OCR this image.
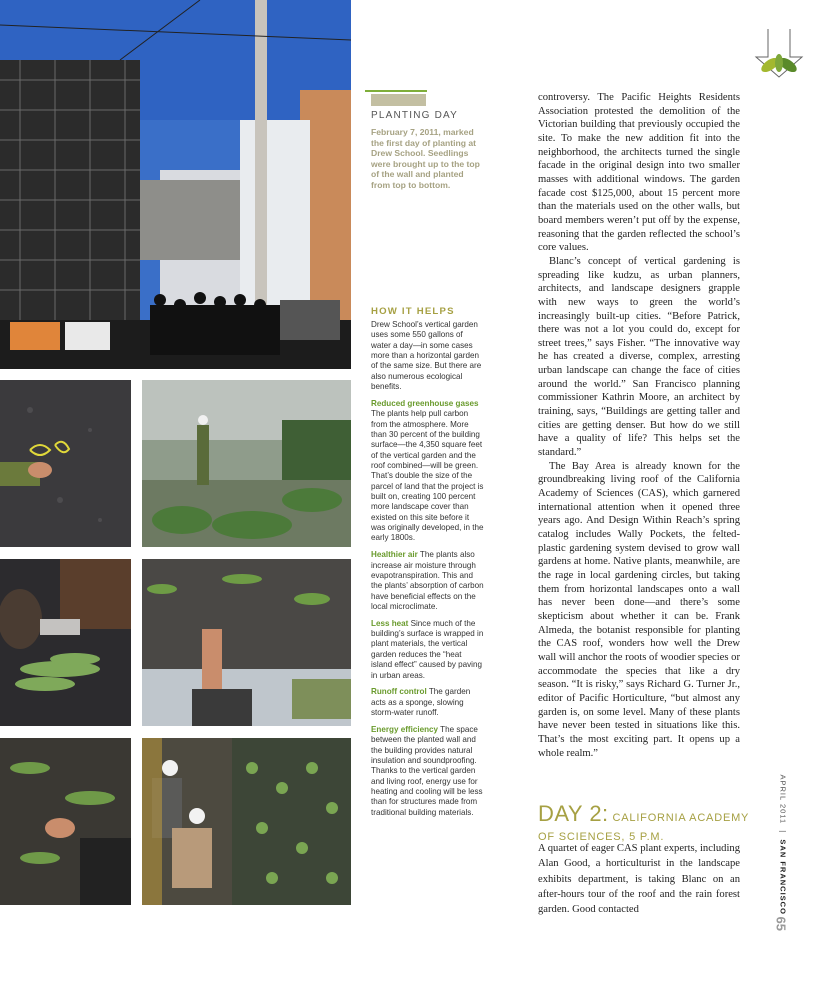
PLANTING DAY
February 7, 2011, marked the first day of planting at Drew School. Seedlings were brought up to the top of the wall and planted from top to bottom.
HOW IT HELPS

Drew School’s vertical garden uses some 550 gallons of water a day—in some cases more than a horizontal garden of the same size. But there are also numerous ecological benefits.

Reduced greenhouse gases The plants help pull carbon from the atmosphere. More than 30 percent of the building surface—the 4,350 square feet of the vertical garden and the roof combined—will be green. That’s double the size of the parcel of land that the project is built on, creating 100 percent more landscape cover than existed on this site before it was originally developed, in the early 1800s.

Healthier air The plants also increase air moisture through evapotranspiration. This and the plants’ absorption of carbon have beneficial effects on the local microclimate.

Less heat Since much of the building’s surface is wrapped in plant materials, the vertical garden reduces the “heat island effect” caused by paving in urban areas.

Runoff control The garden acts as a sponge, slowing storm-water runoff.

Energy efficiency The space between the planted wall and the building provides natural insulation and soundproofing. Thanks to the vertical garden and living roof, energy use for heating and cooling will be less than for structures made from traditional building materials.

controversy. The Pacific Heights Residents Association protested the demolition of the Victorian building that previously occupied the site. To make the new addition fit into the neighborhood, the architects turned the single facade in the original design into two smaller masses with additional windows. The garden facade cost $125,000, about 15 percent more than the materials used on the other walls, but board members weren’t put off by the expense, reasoning that the garden reflected the school’s core values.

Blanc’s concept of vertical gardening is spreading like kudzu, as urban planners, architects, and landscape designers grapple with new ways to green the world’s increasingly built-up cities. “Before Patrick, there was not a lot you could do, except for street trees,” says Fisher. “The innovative way he has created a diverse, complex, arresting urban landscape can change the face of cities around the world.” San Francisco planning commissioner Kathrin Moore, an architect by training, says, “Buildings are getting taller and cities are getting denser. But how do we still have a quality of life? This helps set the standard.”

The Bay Area is already known for the groundbreaking living roof of the California Academy of Sciences (CAS), which garnered international attention when it opened three years ago. And Design Within Reach’s spring catalog includes Wally Pockets, the felted-plastic gardening system devised to grow wall gardens at home. Native plants, meanwhile, are the rage in local gardening circles, but taking them from horizontal landscapes onto a wall has never been done—and there’s some skepticism about whether it can be. Frank Almeda, the botanist responsible for planting the CAS roof, wonders how well the Drew wall will anchor the roots of woodier species or accommodate the species that like a dry season. “It is risky,” says Richard G. Turner Jr., editor of Pacific Horticulture, “but almost any garden is, on some level. Many of these plants have never been tested in situations like this. That’s the most exciting part. It opens up a whole realm.”

DAY 2: CALIFORNIA ACADEMY
OF SCIENCES, 5 P.M.
A quartet of eager CAS plant experts, including Alan Good, a horticulturist in the landscape exhibits department, is taking Blanc on an after-hours tour of the roof and the rain forest garden. Good contacted
APRIL 2011  |  SAN FRANCISCO
65
